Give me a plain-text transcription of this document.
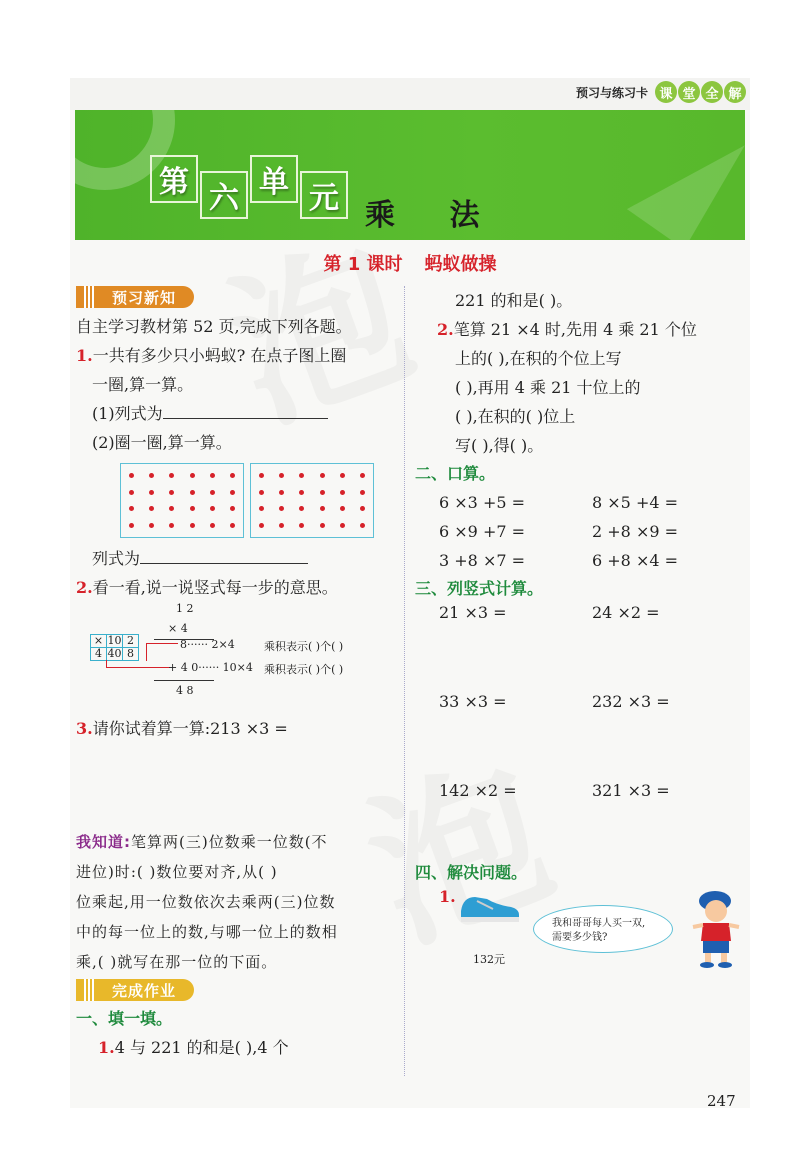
预习与练习卡 课 堂 全 解
第 六 单 元 乘 法
第 1 课时 蚂蚁做操
预习新知
自主学习教材第 52 页,完成下列各题。
1.一共有多少只小蚂蚁? 在点子图上圈
一圈,算一算。
(1)列式为
(2)圈一圈,算一算。
列式为
2.看一看,说一说竖式每一步的意思。
1 2
× 4
×	10	2
4	40	8
8······ 2×4	乘积表示( )个( )
+ 4 0······ 10×4 乘积表示( )个( )
4 8
3.请你试着算一算:213 ×3 =
我知道:笔算两(三)位数乘一位数(不
进位)时:( )数位要对齐,从( )
位乘起,用一位数依次去乘两(三)位数
中的每一位上的数,与哪一位上的数相
乘,( )就写在那一位的下面。
完成作业
一、填一填。
1.4 与 221 的和是( ),4 个
221 的和是( )。
2.笔算 21 ×4 时,先用 4 乘 21 个位
上的( ),在积的个位上写
( ),再用 4 乘 21 十位上的
( ),在积的( )位上
写( ),得( )。
二、口算。
6 ×3 +5 =	8 ×5 +4 =
6 ×9 +7 =	2 +8 ×9 =
3 +8 ×7 =	6 +8 ×4 =
三、列竖式计算。
21 ×3 =	24 ×2 =
33 ×3 =	232 ×3 =
142 ×2 =	321 ×3 =
四、解决问题。
1.
132元
我和哥哥每人买一双,
需要多少钱?
247
